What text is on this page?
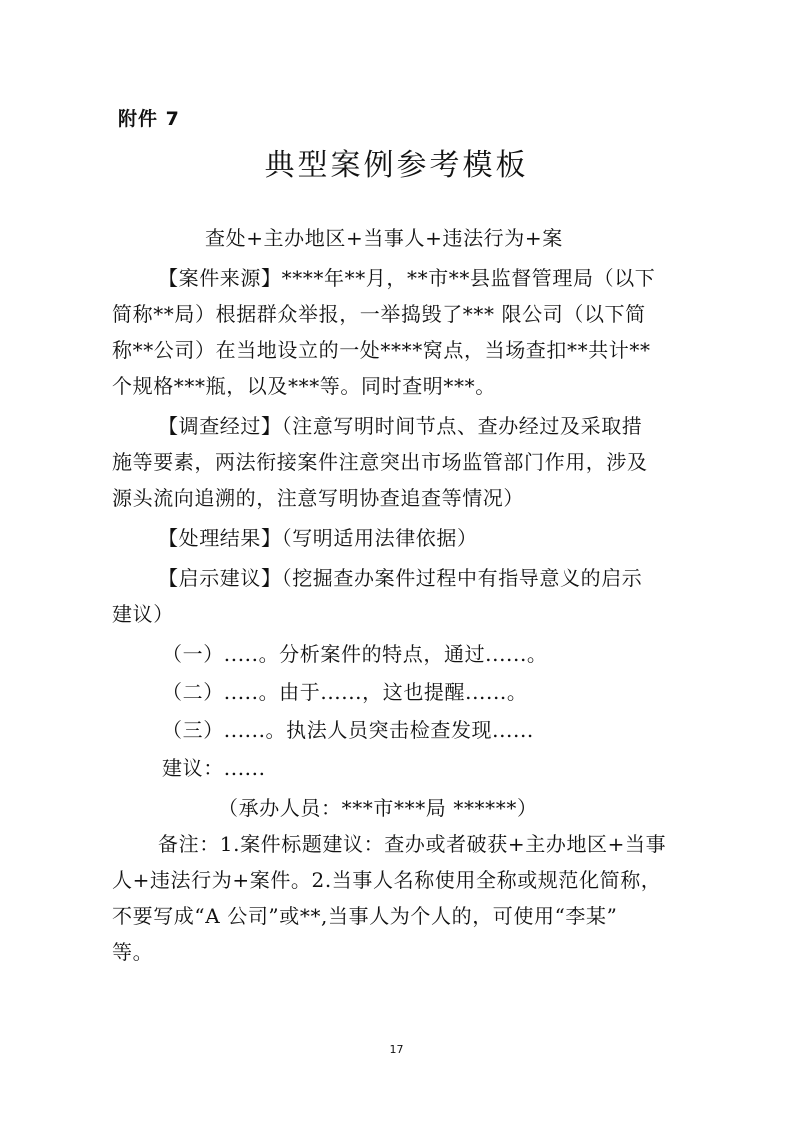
附件 7
典型案例参考模板
查处+主办地区+当事人+违法行为+案
【案件来源】****年**月，**市**县监督管理局（以下
简称**局）根据群众举报，一举捣毁了*** 限公司（以下简
称**公司）在当地设立的一处****窝点，当场查扣**共计**
个规格***瓶，以及***等。同时查明***。
【调查经过】（注意写明时间节点、查办经过及采取措
施等要素，两法衔接案件注意突出市场监管部门作用，涉及
源头流向追溯的，注意写明协查追查等情况）
【处理结果】（写明适用法律依据）
【启示建议】（挖掘查办案件过程中有指导意义的启示
建议）
（一）.....。分析案件的特点，通过......。
（二）.....。由于......，这也提醒......。
（三）......。执法人员突击检查发现......
建议：......
（承办人员：***市***局 ******）
备注：1.案件标题建议：查办或者破获+主办地区+当事
人+违法行为+案件。2.当事人名称使用全称或规范化简称，
不要写成“A 公司”或**,当事人为个人的，可使用“李某”
等。
17
